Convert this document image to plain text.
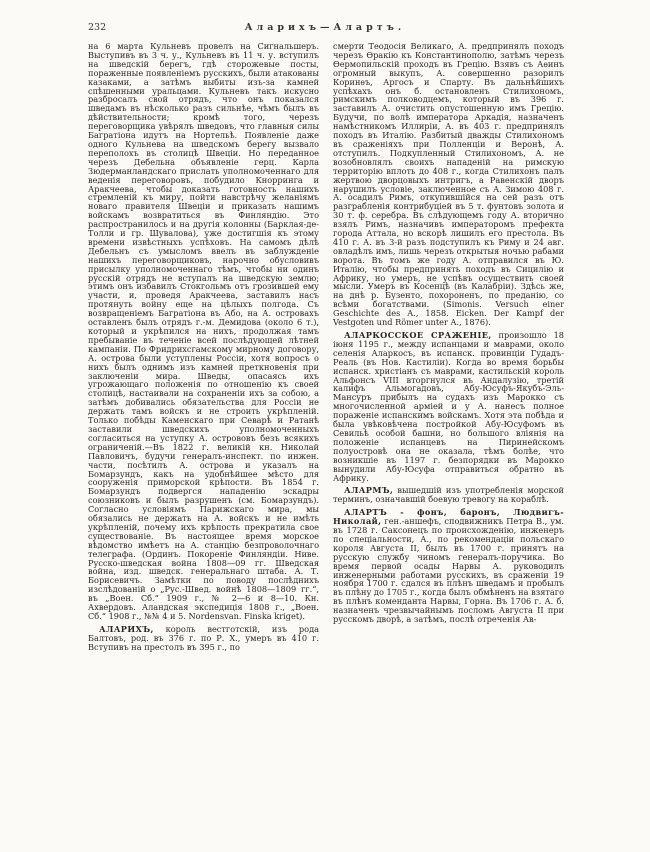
232	Аларихъ—Алартъ.

на 6 марта Кульневъ провелъ на Сигнальшеръ. Выступивъ въ 3 ч. у., Кульневъ въ 11 ч. у. вступилъ на шведскій берегъ, гдѣ сторожевые посты, пораженные появленіемъ русскихъ, были атакованы казаками, а затѣмъ выбиты изъ-за камней спѣшенными уральцами. Кульневъ такъ искусно разбросалъ свой отрядъ, что онъ показался шведамъ въ нѣсколько разъ сильнѣе, чѣмъ былъ въ дѣйствительности; кромѣ того, черезъ переговорщика увѣрялъ шведовъ, что главныя силы Багратіона идутъ на Нортельѣ. Появленіе даже одного Кульнева на шведскомъ берегу вызвало переполохъ въ столицѣ Швеціи. Но переданное черезъ Дебельна объявленіе герц. Карла Зюдерманландскаго прислать уполномоченнаго для веденія переговоровъ, побудило Кнорринга и Аракчеева, чтобы доказать готовность нашихъ стремленій къ миру, пойти навстрѣчу желаніямъ новаго правителя Швеціи и приказать нашимъ войскамъ возвратиться въ Финляндію. Это распространилось и на другія колонны (Барклая-де-Толли и гр. Шувалова), уже достигшія къ этому времени извѣстныхъ успѣховъ. На самомъ дѣлѣ Дебельнъ съ умысломъ ввелъ въ заблужденіе нашихъ переговорщиковъ, нарочно обусловивъ присылку уполномоченнаго тѣмъ, чтобы ни одинъ русскій отрядъ не вступалъ на шведскую землю; этимъ онъ избавилъ Стокгольмъ отъ грозившей ему участи, и, проведя Аракчеева, заставилъ насъ протянуть войну еще на цѣлыхъ полгода. Съ возвращеніемъ Багратіона въ Або, на А. островахъ оставленъ былъ отрядъ г.-м. Демидова (около 6 т.), который и укрѣпился на нихъ, продолжая тамъ пребываніе въ теченіе всей послѣдующей лѣтней кампаніи. По Фридрихсгамскому мирному договору, А. острова были уступлены Россіи, хотя вопросъ о нихъ былъ однимъ изъ камней преткновенія при заключеніи мира. Шведы, опасаясь ихъ угрожающаго положенія по отношенію къ своей столицѣ, настаивали на сохраненіи ихъ за собою, а затѣмъ добивались обязательства для Россіи не держать тамъ войскъ и не строить укрѣпленій. Только побѣды Каменскаго при Севарѣ и Ратанѣ заставили шведскихъ уполномоченныхъ согласиться на уступку А. острововъ безъ всякихъ ограниченій.—Въ 1822 г. великій кн. Николай Павловичъ, будучи генералъ-инспект. по инжен. части, посѣтилъ А. острова и указалъ на Бомарзундъ, какъ на удобнѣйшее мѣсто для сооруженія приморской крѣпости. Въ 1854 г. Бомарзундъ подвергся нападенію эскадры союзниковъ и былъ разрушенъ (см. Бомарзундъ). Согласно условіямъ Парижскаго мира, мы обязались не держать на А. войскъ и не имѣть укрѣпленій, почему ихъ крѣпость прекратила свое существованіе. Въ настоящее время морское вѣдомство имѣетъ на А. станцію безпроволочнаго телеграфа. (Ординъ. Покореніе Финляндіи. Ниве. Русско-шведская война 1808—09 гг. Шведская война, изд. шведск. генеральнаго штаба. А. Т. Борисевичъ. Замѣтки по поводу послѣднихъ изслѣдованій о „Рус.-Швед. войнѣ 1808—1809 гг.“, въ „Воен. Сб.“ 1909 г., № 2—6 и 8—10. Кн. Ахвердовъ. Аландская экспедиція 1808 г., „Воен. Сб.“ 1908 г., №№ 4 и 5. Nordensvan. Finska kriget).

АЛАРИХЪ, король вестготскій, изъ рода Балтовъ, род. въ 376 г. по Р. Х., умеръ въ 410 г. Вступивъ на престолъ въ 395 г., по

смерти Теодосія Великаго, А. предпринялъ походъ черезъ Ѳракію къ Константинополю, затѣмъ черезъ Ѳермопильскій проходъ въ Грецію. Взявъ съ Аѳинъ огромный выкупъ, А. совершенно разорилъ Коринѳъ, Аргосъ и Спарту. Въ дальнѣйшихъ успѣхахъ онъ б. остановленъ Стилихономъ, римскимъ полководцемъ, который въ 396 г. заставилъ А. очистить опустошенную имъ Грецію. Будучи, по волѣ императора Аркадія, назначенъ намѣстникомъ Иллиріи, А. въ 403 г. предпринялъ походъ въ Италію. Разбитый дважды Стилихономъ въ сраженіяхъ при Полленціи и Веронѣ, А. отступилъ. Подкупленный Стилихономъ, А. не возобновлялъ своихъ нападеній на римскую территорію вплоть до 408 г., когда Стилихонъ палъ жертвою дворцовыхъ интригъ, а Равенскій дворъ нарушилъ условіе, заключенное съ А. Зимою 408 г. А. осадилъ Римъ, откупившійся на сей разъ отъ разграбленія контрибуціей въ 5 т. фунтовъ золота и 30 т. ф. серебра. Въ слѣдующемъ году А. вторично взялъ Римъ, назначивъ императоромъ префекта города Аттала, но вскорѣ лишилъ его престола. Въ 410 г. А. въ 3-й разъ подступилъ къ Риму и 24 авг. овладѣлъ имъ, лишь черезъ открытыя ночью рабами ворота. Въ томъ же году А. отправился въ Ю. Италію, чтобы предпринять походъ въ Сицилію и Африку, но умеръ, не успѣвъ осуществить своей мысли. Умеръ въ Косенцѣ (въ Калабріи). Здѣсь же, на днѣ р. Бузенто, похороненъ, по преданію, со всѣми богатствами. (Simonis. Versuch einer Geschichte des A., 1858. Eicken. Der Kampf der Vestgoten und Römer unter A., 1876).

АЛАРКОССКОЕ СРАЖЕНІЕ, произошло 18 іюня 1195 г., между испанцами и маврами, около селенія Аларкосъ, въ испанск. провинціи Гудадъ-Реаль (въ Нов. Кастиліи). Когда во время борьбы испанск. христіанъ съ маврами, кастильскій король Альфонсъ VIII вторгнулся въ Андалузію, третій калифъ Альмогадовъ, Абу-Юсуфъ-Якубъ-Эль-Мансуръ прибылъ на судахъ изъ Марокко съ многочисленной арміей и у А. нанесъ полное пораженіе испанскимъ войскамъ. Хотя эта побѣда и была увѣковѣчена постройкой Абу-Юсуфомъ въ Севильѣ особой башни, но большого вліянія на положеніе испанцевъ на Пиринейскомъ полуостровѣ она не оказала, тѣмъ болѣе, что возникшіе въ 1197 г. безпорядки въ Марокко вынудили Абу-Юсуфа отправиться обратно въ Африку.

АЛАРМЪ, вышедшій изъ употребленія морской терминъ, означавшій боевую тревогу на кораблѣ.

АЛАРТЪ - фонъ, баронъ, Людвигъ-Николай, ген.-аншефъ, сподвижникъ Петра В., ум. въ 1728 г. Саксонецъ по происхожденію, инженеръ по спеціальности, А., по рекомендаціи польскаго короля Августа II, былъ въ 1700 г. принятъ на русскую службу чиномъ генералъ-поручика. Во время первой осады Нарвы А. руководилъ инженерными работами русскихъ, въ сраженіи 19 ноября 1700 г. сдался въ плѣнъ шведамъ и пробылъ въ плѣну до 1705 г., когда былъ обмѣненъ на взятаго въ плѣнъ коменданта Нарвы, Горна. Въ 1706 г. А. б. назначенъ чрезвычайнымъ посломъ Августа II при русскомъ дворѣ, а затѣмъ, послѣ отреченія Ав-
